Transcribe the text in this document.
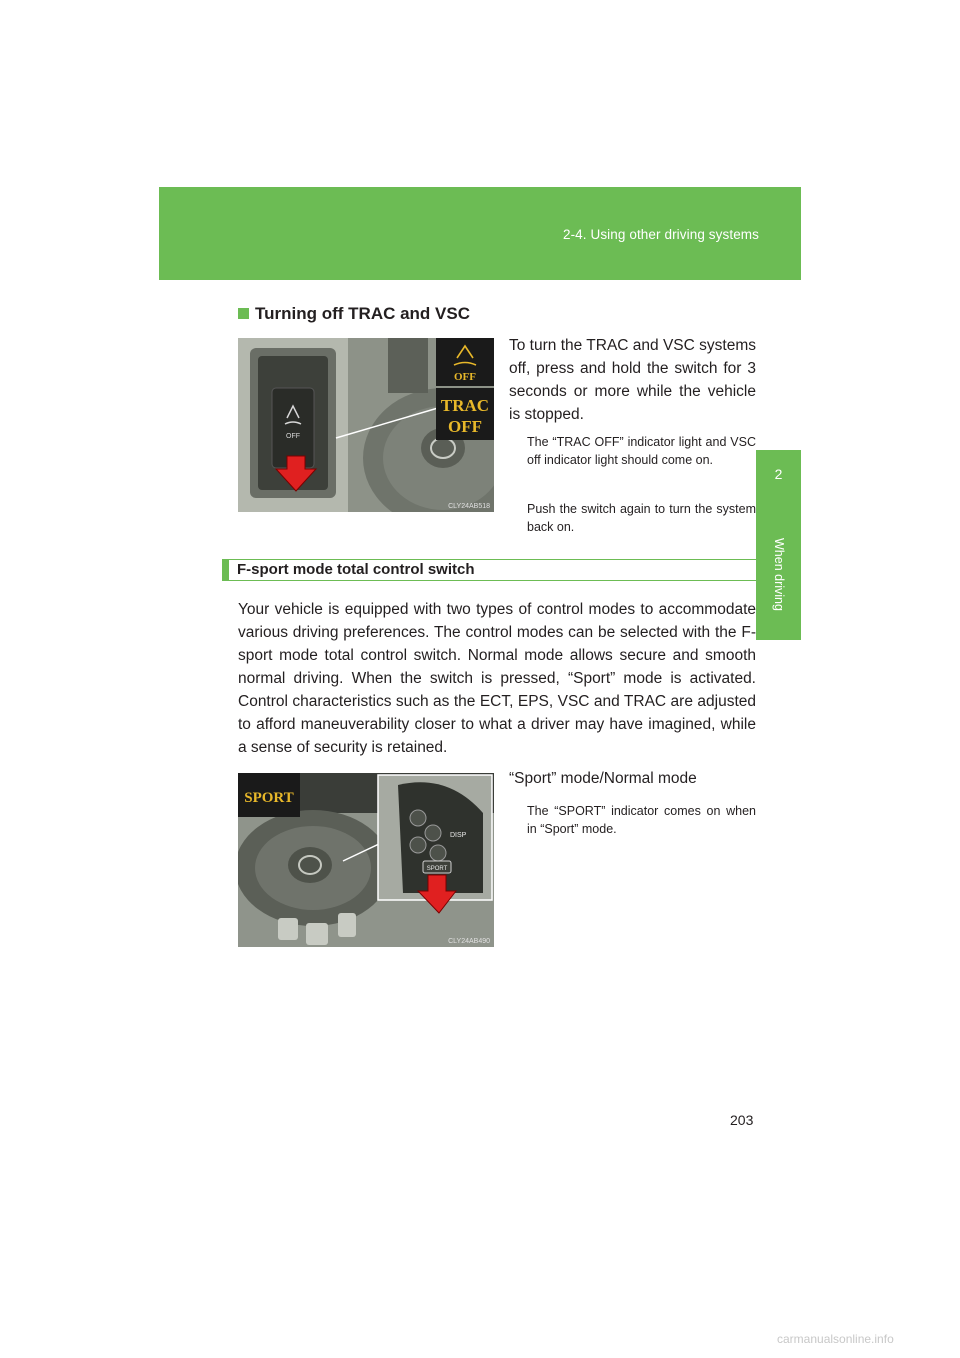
2-4. Using other driving systems
2
When driving
Turning off TRAC and VSC
OFF
OFF
TRAC
OFF
CLY24AB518
To turn the TRAC and VSC systems off, press and hold the switch for 3 seconds or more while the vehicle is stopped.
The “TRAC OFF” indicator light and VSC off indicator light should come on.
Push the switch again to turn the system back on.
F-sport mode total control switch
Your vehicle is equipped with two types of control modes to accommodate various driving preferences. The control modes can be selected with the F-sport mode total control switch. Normal mode allows secure and smooth normal driving. When the switch is pressed, “Sport” mode is activated. Control characteristics such as the ECT, EPS, VSC and TRAC are adjusted to afford maneuverability closer to what a driver may have imagined, while a sense of security is retained.
SPORT
DISP
SPORT
CLY24AB490
“Sport” mode/Normal mode
The “SPORT” indicator comes on when in “Sport” mode.
203
carmanualsonline.info
